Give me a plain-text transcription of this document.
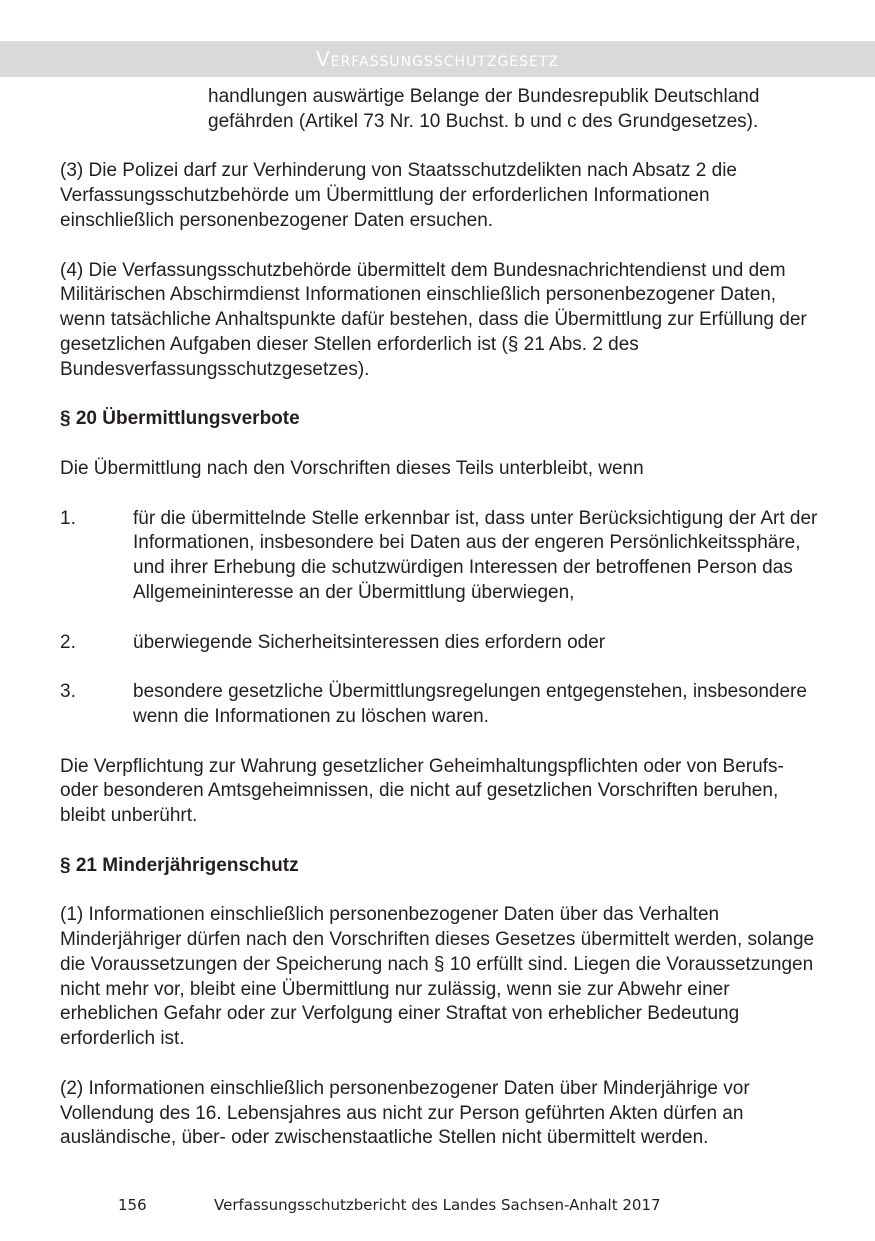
Verfassungsschutzgesetz

handlungen auswärtige Belange der Bundesrepublik Deutschland gefährden (Artikel 73 Nr. 10 Buchst. b und c des Grundgesetzes).

(3) Die Polizei darf zur Verhinderung von Staatsschutzdelikten nach Absatz 2 die Verfassungsschutzbehörde um Übermittlung der erforderlichen Informationen einschließlich personenbezogener Daten ersuchen.

(4) Die Verfassungsschutzbehörde übermittelt dem Bundesnachrichtendienst und dem Militärischen Abschirmdienst Informationen einschließlich personenbezogener Daten, wenn tatsächliche Anhaltspunkte dafür bestehen, dass die Übermittlung zur Erfüllung der gesetzlichen Aufgaben dieser Stellen erforderlich ist (§ 21 Abs. 2 des Bundesverfassungsschutzgesetzes).

§ 20 Übermittlungsverbote

Die Übermittlung nach den Vorschriften dieses Teils unterbleibt, wenn

1.	für die übermittelnde Stelle erkennbar ist, dass unter Berücksichtigung der Art der Informationen, insbesondere bei Daten aus der engeren Persönlichkeitssphäre, und ihrer Erhebung die schutzwürdigen Interessen der betroffenen Person das Allgemeininteresse an der Übermittlung überwiegen,
2.	überwiegende Sicherheitsinteressen dies erfordern oder
3.	besondere gesetzliche Übermittlungsregelungen entgegenstehen, insbesondere wenn die Informationen zu löschen waren.

Die Verpflichtung zur Wahrung gesetzlicher Geheimhaltungspflichten oder von Berufs- oder besonderen Amtsgeheimnissen, die nicht auf gesetzlichen Vorschriften beruhen, bleibt unberührt.

§ 21 Minderjährigenschutz

(1) Informationen einschließlich personenbezogener Daten über das Verhalten Minderjähriger dürfen nach den Vorschriften dieses Gesetzes übermittelt werden, solange die Voraussetzungen der Speicherung nach § 10 erfüllt sind. Liegen die Voraussetzungen nicht mehr vor, bleibt eine Übermittlung nur zulässig, wenn sie zur Abwehr einer erheblichen Gefahr oder zur Verfolgung einer Straftat von erheblicher Bedeutung erforderlich ist.

(2) Informationen einschließlich personenbezogener Daten über Minderjährige vor Vollendung des 16. Lebensjahres aus nicht zur Person geführten Akten dürfen an ausländische, über- oder zwischenstaatliche Stellen nicht übermittelt werden.

156	Verfassungsschutzbericht des Landes Sachsen-Anhalt 2017
